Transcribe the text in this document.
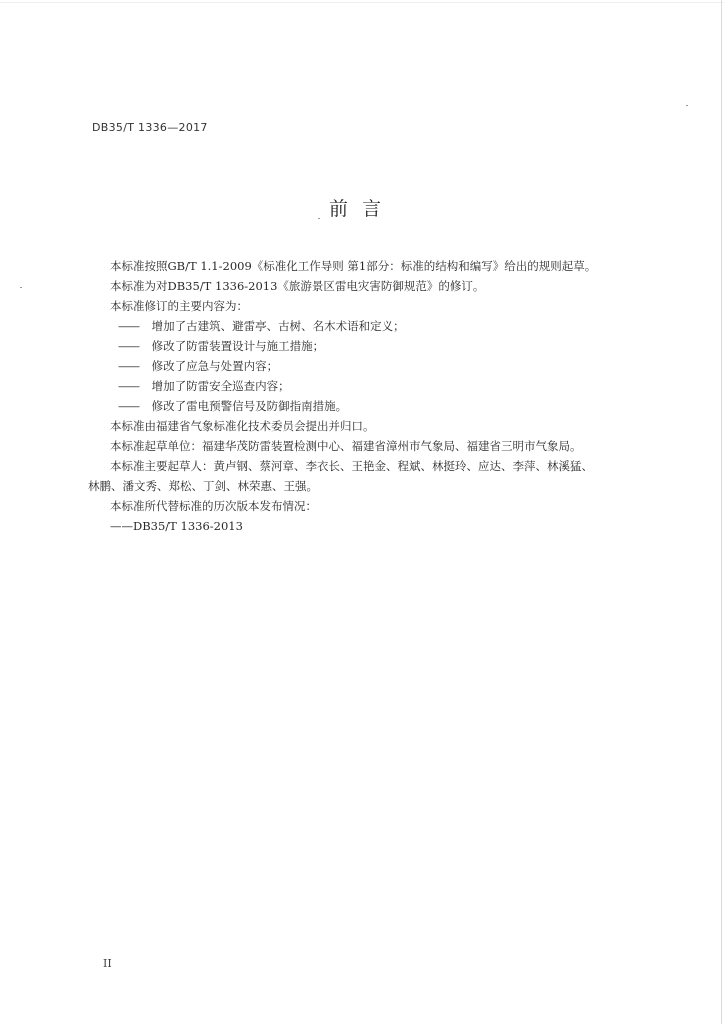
DB35/T 1336—2017
前言
本标准按照GB/T 1.1-2009《标准化工作导则 第1部分：标准的结构和编写》给出的规则起草。
本标准为对DB35/T 1336-2013《旅游景区雷电灾害防御规范》的修订。
本标准修订的主要内容为：
—— 增加了古建筑、避雷亭、古树、名木术语和定义；
—— 修改了防雷装置设计与施工措施；
—— 修改了应急与处置内容；
—— 增加了防雷安全巡查内容；
—— 修改了雷电预警信号及防御指南措施。
本标准由福建省气象标准化技术委员会提出并归口。
本标准起草单位：福建华茂防雷装置检测中心、福建省漳州市气象局、福建省三明市气象局。
本标准主要起草人：黄卢钢、蔡河章、李衣长、王艳金、程斌、林挺玲、应达、李萍、林溪猛、
林鹏、潘文秀、郑松、丁剑、林荣惠、王强。
本标准所代替标准的历次版本发布情况：
——DB35/T 1336-2013
II
